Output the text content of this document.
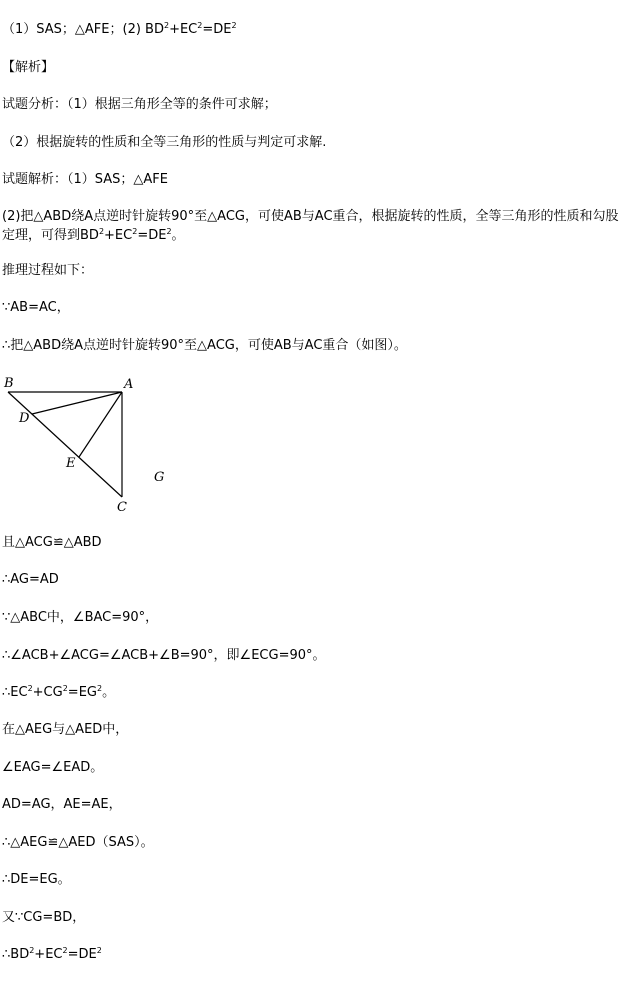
（1）SAS；△AFE；(2) $BD^2+EC^2=DE^2$
【解析】
试题分析：（1）根据三角形全等的条件可求解；
（2）根据旋转的性质和全等三角形的性质与判定可求解.
试题解析：（1）SAS；△AFE
(2)把△ABD绕A点逆时针旋转90°至△ACG，可使AB与AC重合，根据旋转的性质，全等三角形的性质和勾股定理，可得到$BD^2+EC^2=DE^2$。
推理过程如下：
∵AB=AC，
∴把△ABD绕A点逆时针旋转90°至△ACG，可使AB与AC重合（如图）。
B	A
D
E
G
C
且△ACG≌△ABD
∴AG=AD
∵△ABC中，∠BAC=90°，
∴∠ACB+∠ACG=∠ACB+∠B=90°，即∠ECG=90°。
$\therefore EC^2+CG^2=EG^2$。
在△AEG与△AED中，
∠EAG=∠EAD。
AD=AG，AE=AE，
∴△AEG≌△AED（SAS）。
∴DE=EG。
又∵CG=BD，
$\therefore BD^2+EC^2=DE^2$
